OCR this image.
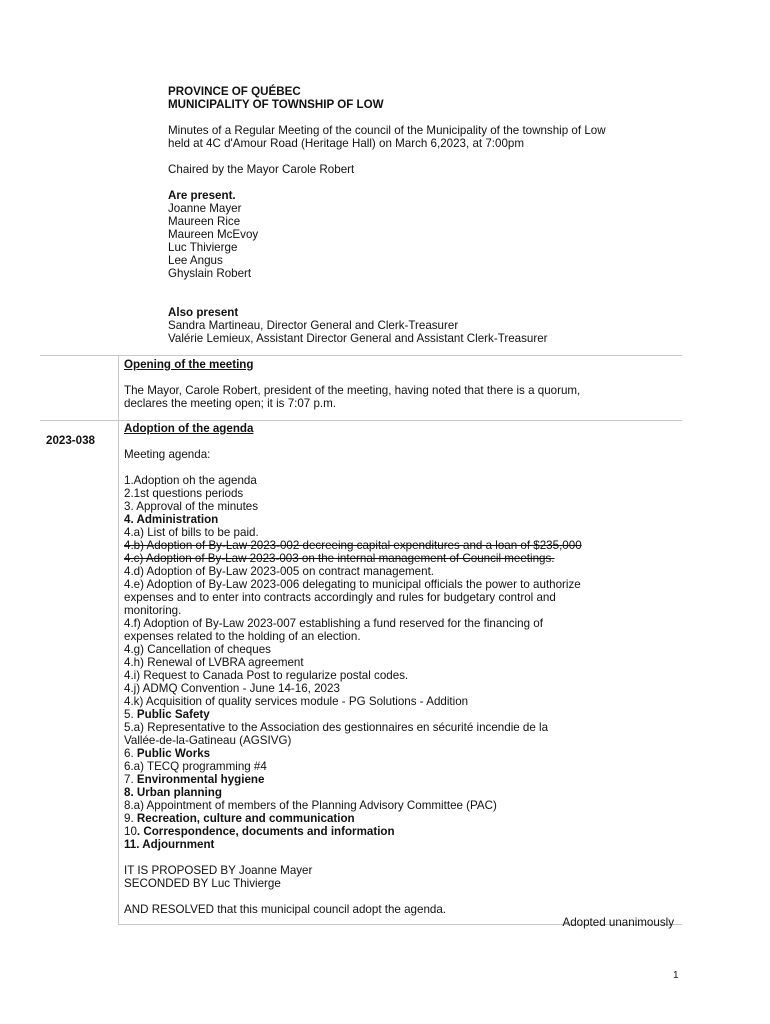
PROVINCE OF QUÉBEC
MUNICIPALITY OF TOWNSHIP OF LOW
Minutes of a Regular Meeting of the council of the Municipality of the township of Low
held at 4C d'Amour Road (Heritage Hall) on March 6,2023, at 7:00pm
Chaired by the Mayor Carole Robert
Are present.
Joanne Mayer
Maureen Rice
Maureen McEvoy
Luc Thivierge
Lee Angus
Ghyslain Robert
Also present
Sandra Martineau, Director General and Clerk-Treasurer
Valérie Lemieux, Assistant Director General and Assistant Clerk-Treasurer
Opening of the meeting
The Mayor, Carole Robert, president of the meeting, having noted that there is a quorum,
declares the meeting open; it is 7:07 p.m.
2023-038
Adoption of the agenda
Meeting agenda:
1.Adoption oh the agenda
2.1st questions periods
3. Approval of the minutes
4. Administration
4.a) List of bills to be paid.
4.b) Adoption of By-Law 2023-002 decreeing capital expenditures and a loan of $235,000
4.c) Adoption of By-Law 2023-003 on the internal management of Council meetings.
4.d) Adoption of By-Law 2023-005 on contract management.
4.e) Adoption of By-Law 2023-006 delegating to municipal officials the power to authorize
expenses and to enter into contracts accordingly and rules for budgetary control and
monitoring.
4.f) Adoption of By-Law 2023-007 establishing a fund reserved for the financing of
expenses related to the holding of an election.
4.g) Cancellation of cheques
4.h) Renewal of LVBRA agreement
4.i) Request to Canada Post to regularize postal codes.
4.j) ADMQ Convention - June 14-16, 2023
4.k) Acquisition of quality services module - PG Solutions - Addition
5. Public Safety
5.a) Representative to the Association des gestionnaires en sécurité incendie de la
Vallée-de-la-Gatineau (AGSIVG)
6. Public Works
6.a) TECQ programming #4
7. Environmental hygiene
8. Urban planning
8.a) Appointment of members of the Planning Advisory Committee (PAC)
9. Recreation, culture and communication
10. Correspondence, documents and information
11. Adjournment
IT IS PROPOSED BY Joanne Mayer
SECONDED BY Luc Thivierge
AND RESOLVED that this municipal council adopt the agenda.
Adopted unanimously
1
